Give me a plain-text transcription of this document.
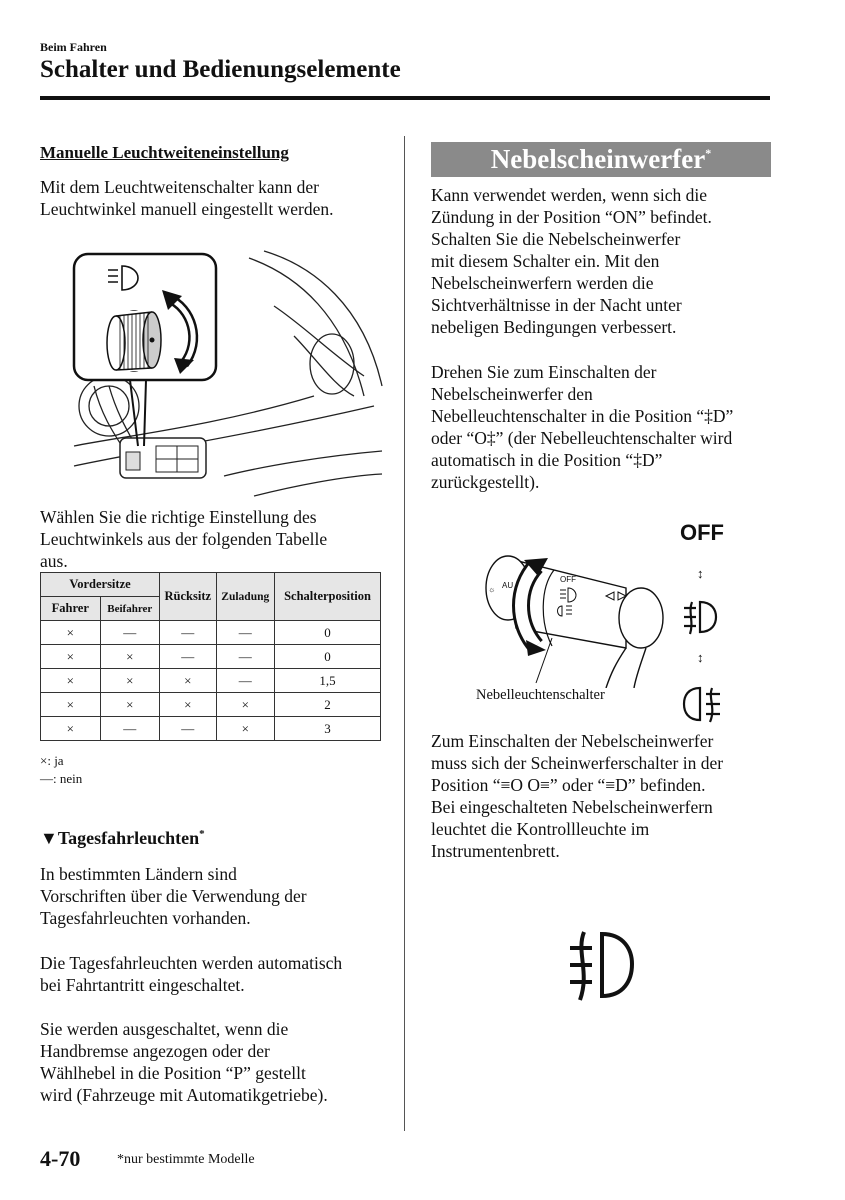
Beim Fahren
Schalter und Bedienungselemente
Manuelle Leuchtweiteneinstellung
Mit dem Leuchtweitenschalter kann der
Leuchtwinkel manuell eingestellt werden.
Wählen Sie die richtige Einstellung des
Leuchtwinkels aus der folgenden Tabelle
aus.
Vordersitze		Rücksitz	Zuladung	Schalterposition
Fahrer	Beifahrer			
×	—	—	—	0
×	×	—	—	0
×	×	×	—	1,5
×	×	×	×	2
×	—	—	×	3
×: ja
—: nein
▼Tagesfahrleuchten*
In bestimmten Ländern sind
Vorschriften über die Verwendung der
Tagesfahrleuchten vorhanden.
Die Tagesfahrleuchten werden automatisch
bei Fahrtantritt eingeschaltet.
Sie werden ausgeschaltet, wenn die
Handbremse angezogen oder der
Wählhebel in die Position “P” gestellt
wird (Fahrzeuge mit Automatikgetriebe).
Nebelscheinwerfer*
Kann verwendet werden, wenn sich die
Zündung in der Position “ON” befindet.
Schalten Sie die Nebelscheinwerfer
mit diesem Schalter ein. Mit den
Nebelscheinwerfern werden die
Sichtverhältnisse in der Nacht unter
nebeligen Bedingungen verbessert.
Drehen Sie zum Einschalten der
Nebelscheinwerfer den
Nebelleuchtenschalter in die Position “‡D”
oder “O‡” (der Nebelleuchtenschalter wird
automatisch in die Position “‡D”
zurückgestellt).
OFF
OFF
☼ AU
Nebelleuchtenschalter
↕
↕
Zum Einschalten der Nebelscheinwerfer
muss sich der Scheinwerferschalter in der
Position “≡O O≡” oder “≡D” befinden.
Bei eingeschalteten Nebelscheinwerfern
leuchtet die Kontrollleuchte im
Instrumentenbrett.
4-70	*nur bestimmte Modelle
